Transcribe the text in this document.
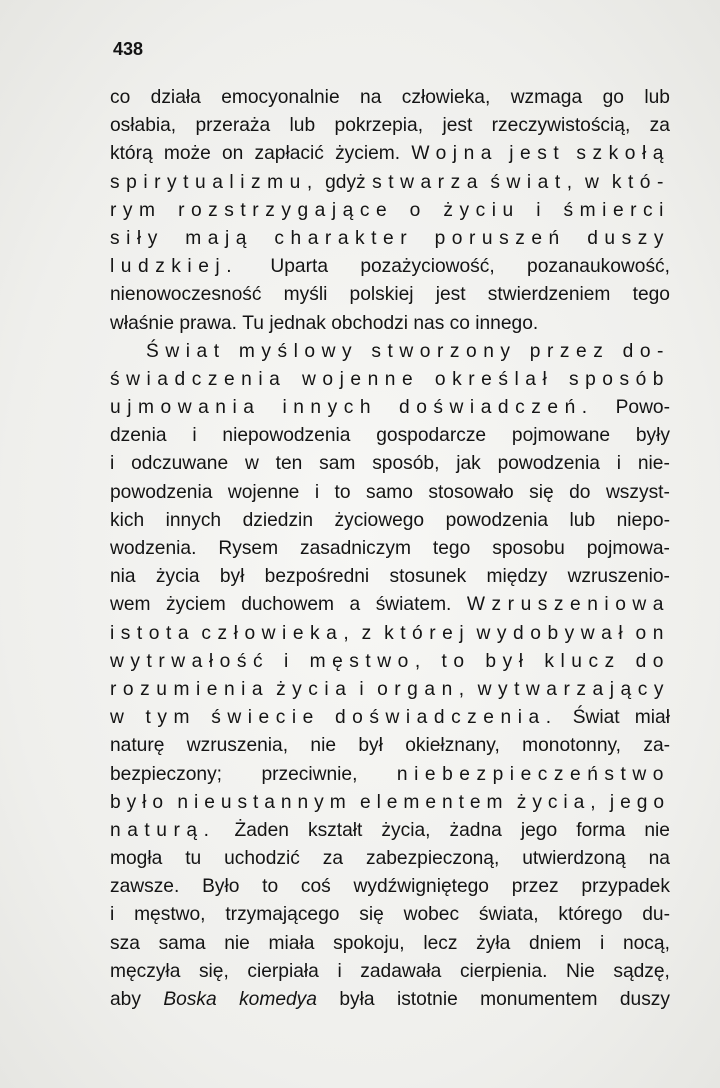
438
co działa emocyonalnie na człowieka, wzmaga go lub
osłabia, przeraża lub pokrzepia, jest rzeczywistością, za
którą może on zapłacić życiem. Wojna jest szkołą
spirytualizmu, gdyż stwarza świat, w któ-
rym rozstrzygające o życiu i śmierci
siły mają charakter poruszeń duszy
ludzkiej. Uparta pozażyciowość, pozanaukowość,
nienowoczesność myśli polskiej jest stwierdzeniem tego
właśnie
prawa.
Tu
jednak
obchodzi
nas
co
innego.
Świat myślowy stworzony przez do-
świadczenia wojenne określał sposób
ujmowania innych doświadczeń. Powo-
dzenia i niepowodzenia gospodarcze pojmowane były
i odczuwane w ten sam sposób, jak powodzenia i nie-
powodzenia wojenne i to samo stosowało się do wszyst-
kich innych dziedzin życiowego powodzenia lub niepo-
wodzenia. Rysem zasadniczym tego sposobu pojmowa-
nia życia był bezpośredni stosunek między wzruszenio-
wem życiem duchowem a światem. Wzruszeniowa
istota człowieka, z której wydobywał on
wytrwałość i męstwo, to był klucz do
rozumienia życia i organ, wytwarzający
w tym świecie doświadczenia. Świat miał
naturę wzruszenia, nie był okiełznany, monotonny, za-
bezpieczony; przeciwnie, niebezpieczeństwo
było nieustannym elementem życia, jego
naturą. Żaden kształt życia, żadna jego forma nie
mogła tu uchodzić za zabezpieczoną, utwierdzoną na
zawsze. Było to coś wydźwigniętego przez przypadek
i męstwo, trzymającego się wobec świata, którego du-
sza sama nie miała spokoju, lecz żyła dniem i nocą,
męczyła się, cierpiała i zadawała cierpienia. Nie sądzę,
aby Boska komedya była istotnie monumentem duszy
